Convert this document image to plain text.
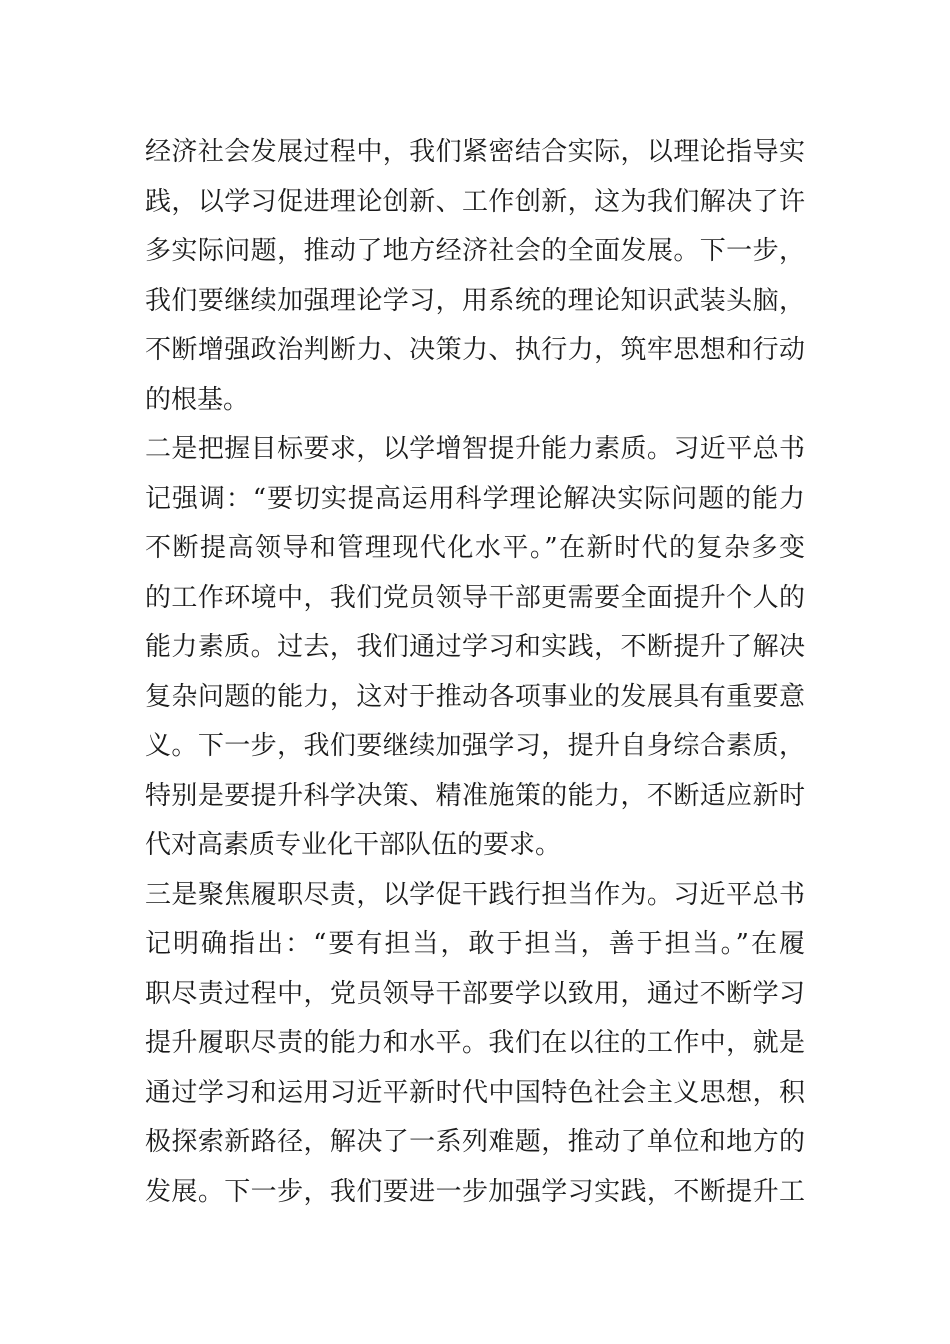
经济社会发展过程中，我们紧密结合实际，以理论指导实
践，以学习促进理论创新、工作创新，这为我们解决了许
多实际问题，推动了地方经济社会的全面发展。下一步，
我们要继续加强理论学习，用系统的理论知识武装头脑，
不断增强政治判断力、决策力、执行力，筑牢思想和行动
的根基。
二是把握目标要求，以学增智提升能力素质。习近平总书
记强调：“要切实提高运用科学理论解决实际问题的能力
不断提高领导和管理现代化水平。”在新时代的复杂多变
的工作环境中，我们党员领导干部更需要全面提升个人的
能力素质。过去，我们通过学习和实践，不断提升了解决
复杂问题的能力，这对于推动各项事业的发展具有重要意
义。下一步，我们要继续加强学习，提升自身综合素质，
特别是要提升科学决策、精准施策的能力，不断适应新时
代对高素质专业化干部队伍的要求。
三是聚焦履职尽责，以学促干践行担当作为。习近平总书
记明确指出：“要有担当，敢于担当，善于担当。”在履
职尽责过程中，党员领导干部要学以致用，通过不断学习
提升履职尽责的能力和水平。我们在以往的工作中，就是
通过学习和运用习近平新时代中国特色社会主义思想，积
极探索新路径，解决了一系列难题，推动了单位和地方的
发展。下一步，我们要进一步加强学习实践，不断提升工
